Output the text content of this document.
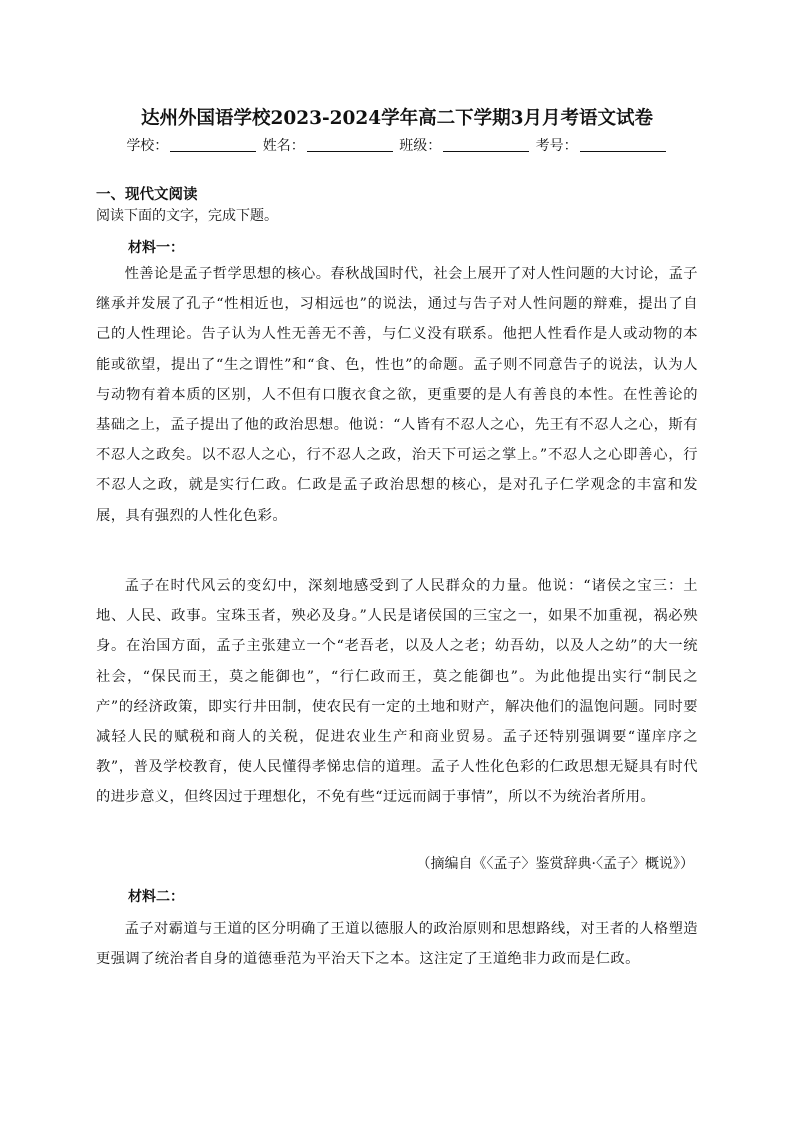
达州外国语学校2023-2024学年高二下学期3月月考语文试卷
学校：	姓名：	班级：	考号：
一、现代文阅读
阅读下面的文字，完成下题。
材料一：

性善论是孟子哲学思想的核心。春秋战国时代，社会上展开了对人性问题的大讨论，孟子继承并发展了孔子“性相近也，习相远也”的说法，通过与告子对人性问题的辩难，提出了自己的人性理论。告子认为人性无善无不善，与仁义没有联系。他把人性看作是人或动物的本能或欲望，提出了“生之谓性”和“食、色，性也”的命题。孟子则不同意告子的说法，认为人与动物有着本质的区别，人不但有口腹衣食之欲，更重要的是人有善良的本性。在性善论的基础之上，孟子提出了他的政治思想。他说：“人皆有不忍人之心，先王有不忍人之心，斯有不忍人之政矣。以不忍人之心，行不忍人之政，治天下可运之掌上。”不忍人之心即善心，行不忍人之政，就是实行仁政。仁政是孟子政治思想的核心，是对孔子仁学观念的丰富和发展，具有强烈的人性化色彩。

孟子在时代风云的变幻中，深刻地感受到了人民群众的力量。他说：“诸侯之宝三：土地、人民、政事。宝珠玉者，殃必及身。”人民是诸侯国的三宝之一，如果不加重视，祸必殃身。在治国方面，孟子主张建立一个“老吾老，以及人之老；幼吾幼，以及人之幼”的大一统社会，“保民而王，莫之能御也”，“行仁政而王，莫之能御也”。为此他提出实行“制民之产”的经济政策，即实行井田制，使农民有一定的土地和财产，解决他们的温饱问题。同时要减轻人民的赋税和商人的关税，促进农业生产和商业贸易。孟子还特别强调要“谨庠序之教”，普及学校教育，使人民懂得孝悌忠信的道理。孟子人性化色彩的仁政思想无疑具有时代的进步意义，但终因过于理想化，不免有些“迂远而阔于事情”，所以不为统治者所用。

（摘编自《〈孟子〉鉴赏辞典·〈孟子〉概说》）
材料二：

孟子对霸道与王道的区分明确了王道以德服人的政治原则和思想路线，对王者的人格塑造更强调了统治者自身的道德垂范为平治天下之本。这注定了王道绝非力政而是仁政。
